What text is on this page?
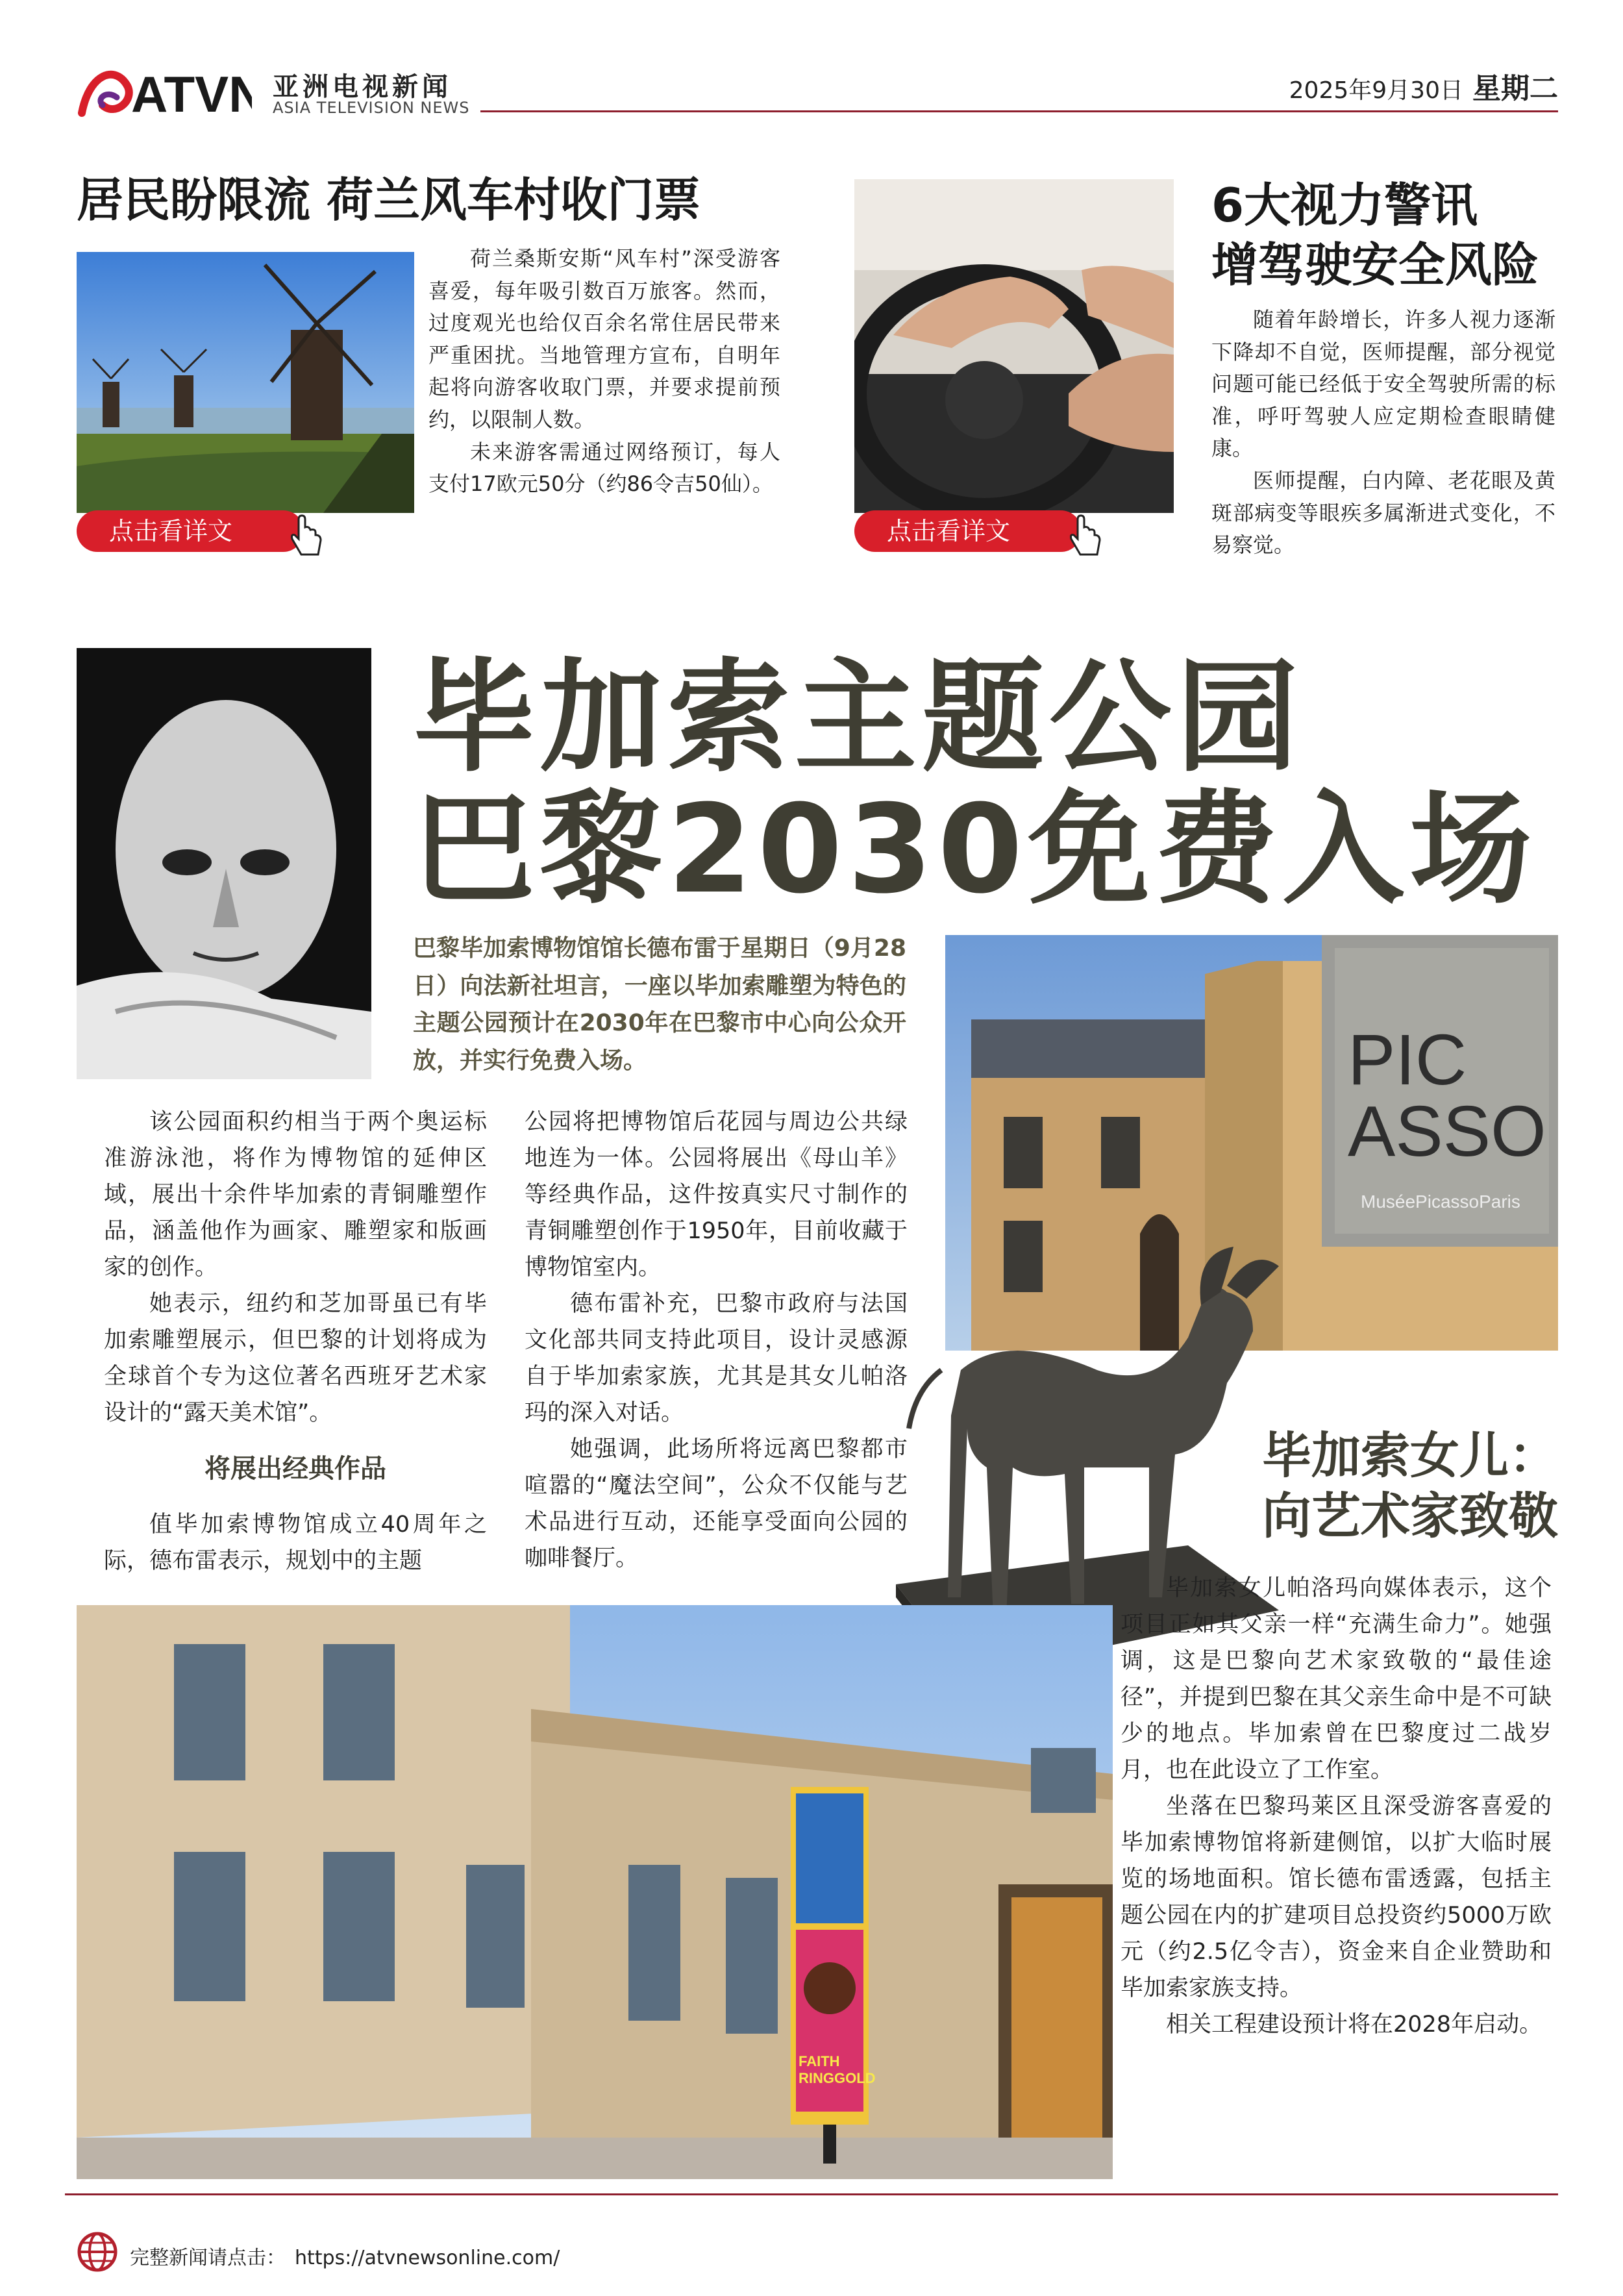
ATVN 亚洲电视新闻
ASIA TELEVISION NEWS
2025年9月30日 星期二
居民盼限流 荷兰风车村收门票
点击看详文

荷兰桑斯安斯“风车村”深受游客喜爱，每年吸引数百万旅客。然而，过度观光也给仅百余名常住居民带来严重困扰。当地管理方宣布，自明年起将向游客收取门票，并要求提前预约，以限制人数。

未来游客需通过网络预订，每人支付17欧元50分（约86令吉50仙）。

点击看详文
6大视力警讯
增驾驶安全风险

随着年龄增长，许多人视力逐渐下降却不自觉，医师提醒，部分视觉问题可能已经低于安全驾驶所需的标准，呼吁驾驶人应定期检查眼睛健康。

医师提醒，白内障、老花眼及黄斑部病变等眼疾多属渐进式变化，不易察觉。

毕加索主题公园
巴黎2030免费入场
巴黎毕加索博物馆馆长德布雷于星期日（9月28日）向法新社坦言，一座以毕加索雕塑为特色的主题公园预计在2030年在巴黎市中心向公众开放，并实行免费入场。	PIC
ASSO
MuséePicassoParis

该公园面积约相当于两个奥运标准游泳池，将作为博物馆的延伸区域，展出十余件毕加索的青铜雕塑作品，涵盖他作为画家、雕塑家和版画家的创作。

她表示，纽约和芝加哥虽已有毕加索雕塑展示，但巴黎的计划将成为全球首个专为这位著名西班牙艺术家设计的“露天美术馆”。

将展出经典作品

值毕加索博物馆成立40周年之际，德布雷表示，规划中的主题

公园将把博物馆后花园与周边公共绿地连为一体。公园将展出《母山羊》等经典作品，这件按真实尺寸制作的青铜雕塑创作于1950年，目前收藏于博物馆室内。

德布雷补充，巴黎市政府与法国文化部共同支持此项目，设计灵感源自于毕加索家族，尤其是其女儿帕洛玛的深入对话。

她强调，此场所将远离巴黎都市喧嚣的“魔法空间”，公众不仅能与艺术品进行互动，还能享受面向公园的咖啡餐厅。

毕加索女儿：
向艺术家致敬

毕加索女儿帕洛玛向媒体表示，这个项目正如其父亲一样“充满生命力”。她强调，这是巴黎向艺术家致敬的“最佳途径”，并提到巴黎在其父亲生命中是不可缺少的地点。毕加索曾在巴黎度过二战岁月，也在此设立了工作室。

坐落在巴黎玛莱区且深受游客喜爱的毕加索博物馆将新建侧馆，以扩大临时展览的场地面积。馆长德布雷透露，包括主题公园在内的扩建项目总投资约5000万欧元（约2.5亿令吉），资金来自企业赞助和毕加索家族支持。

相关工程建设预计将在2028年启动。

FAITH
RINGGOLD
完整新闻请点击： https://atvnewsonline.com/
